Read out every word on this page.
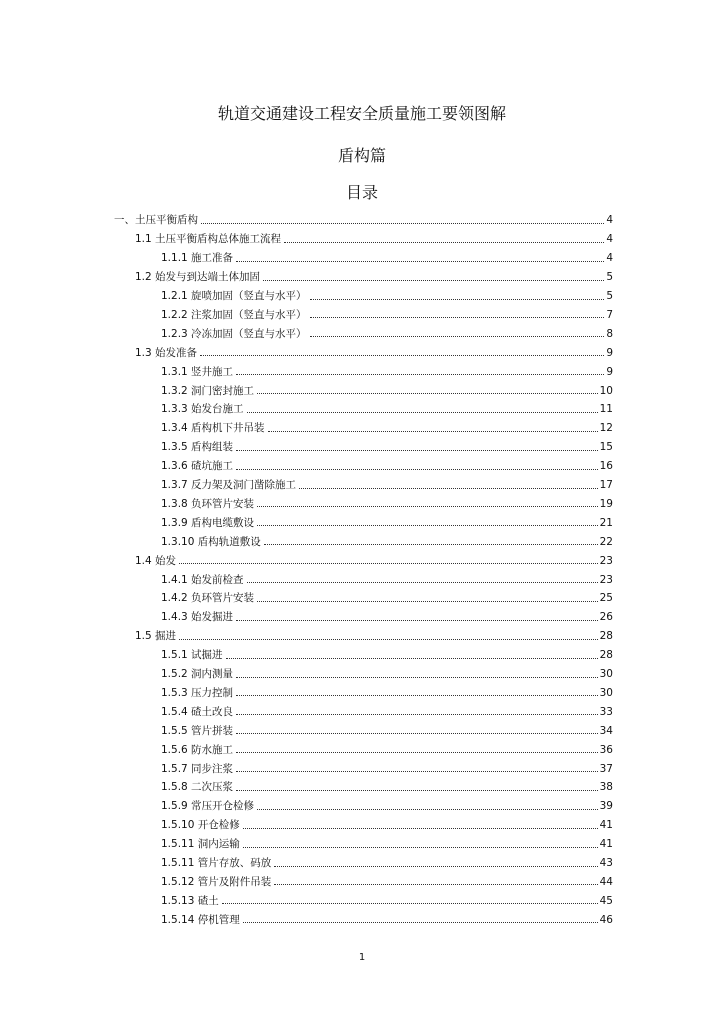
轨道交通建设工程安全质量施工要领图解
盾构篇
目录
一、土压平衡盾构	4
1.1 土压平衡盾构总体施工流程	4
1.1.1 施工准备	4
1.2 始发与到达端土体加固	5
1.2.1 旋喷加固（竖直与水平）	5
1.2.2 注浆加固（竖直与水平）	7
1.2.3 冷冻加固（竖直与水平）	8
1.3 始发准备	9
1.3.1 竖井施工	9
1.3.2 洞门密封施工	10
1.3.3 始发台施工	11
1.3.4 盾构机下井吊装	12
1.3.5 盾构组装	15
1.3.6 碴坑施工	16
1.3.7 反力架及洞门凿除施工	17
1.3.8 负环管片安装	19
1.3.9 盾构电缆敷设	21
1.3.10 盾构轨道敷设	22
1.4 始发	23
1.4.1 始发前检查	23
1.4.2 负环管片安装	25
1.4.3 始发掘进	26
1.5 掘进	28
1.5.1 试掘进	28
1.5.2 洞内测量	30
1.5.3 压力控制	30
1.5.4 碴土改良	33
1.5.5 管片拼装	34
1.5.6 防水施工	36
1.5.7 同步注浆	37
1.5.8 二次压浆	38
1.5.9 常压开仓检修	39
1.5.10 开仓检修	41
1.5.11 洞内运输	41
1.5.11 管片存放、码放	43
1.5.12 管片及附件吊装	44
1.5.13 碴土	45
1.5.14 停机管理	46
1
